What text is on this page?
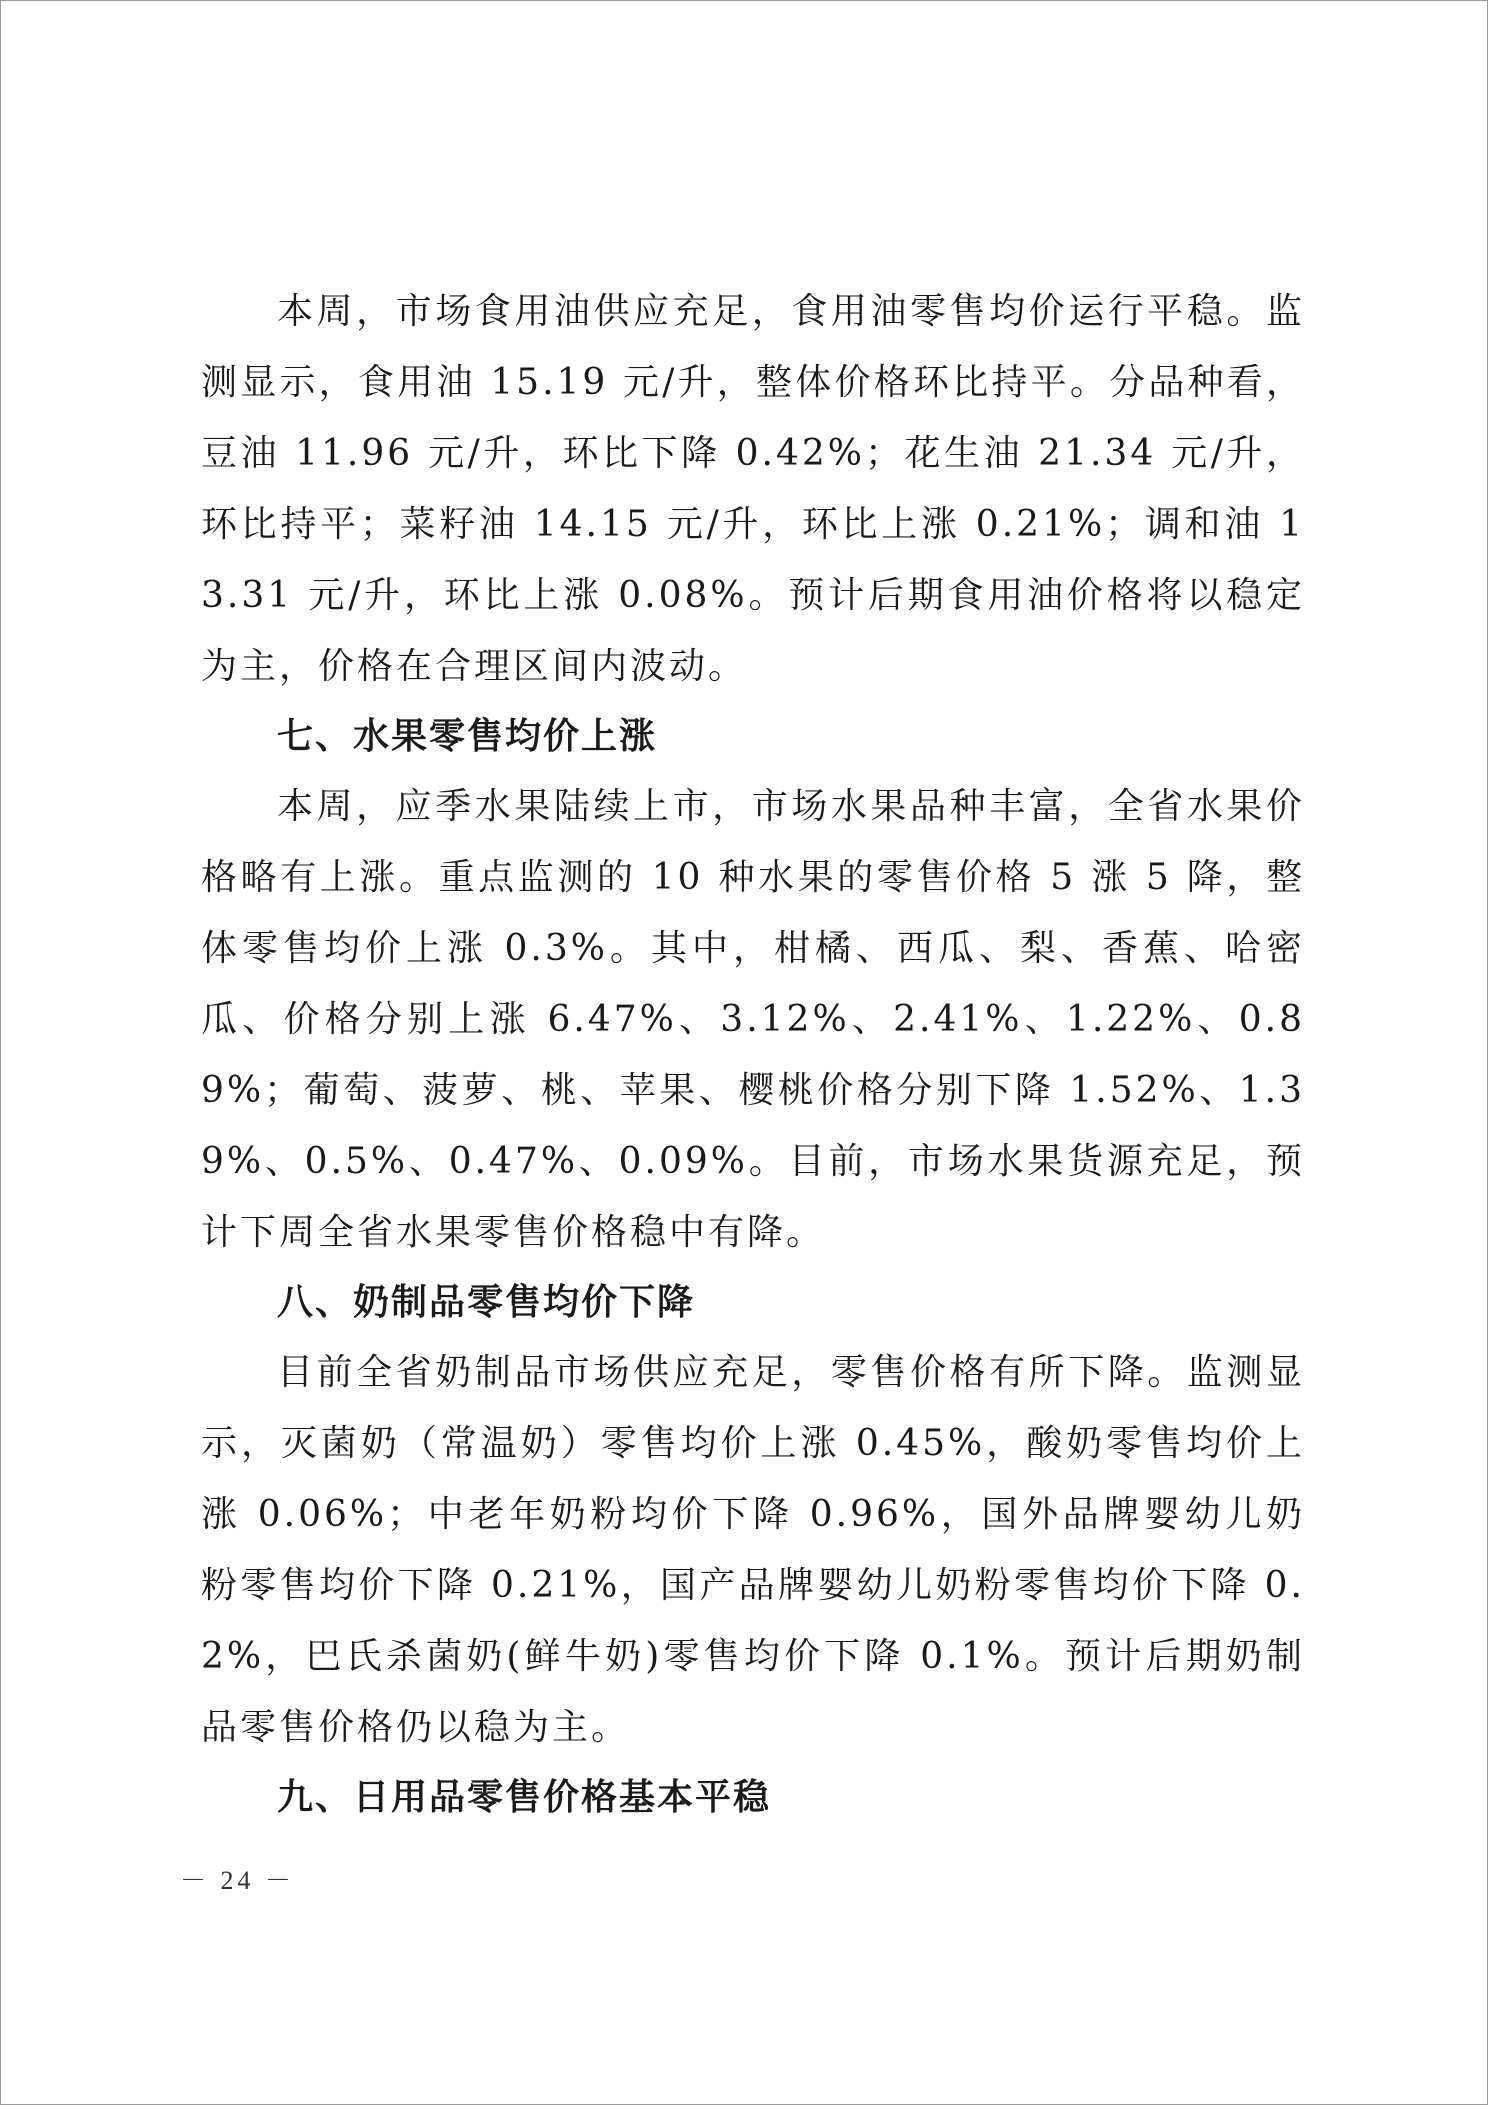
本周，市场食用油供应充足，食用油零售均价运行平稳。监测显示，食用油 15.19 元/升，整体价格环比持平。分品种看，豆油 11.96 元/升，环比下降 0.42%；花生油 21.34 元/升，环比持平；菜籽油 14.15 元/升，环比上涨 0.21%；调和油 13.31 元/升，环比上涨 0.08%。预计后期食用油价格将以稳定为主，价格在合理区间内波动。

七、水果零售均价上涨

本周，应季水果陆续上市，市场水果品种丰富，全省水果价格略有上涨。重点监测的 10 种水果的零售价格 5 涨 5 降，整体零售均价上涨 0.3%。其中，柑橘、西瓜、梨、香蕉、哈密瓜、价格分别上涨 6.47%、3.12%、2.41%、1.22%、0.89%；葡萄、菠萝、桃、苹果、樱桃价格分别下降 1.52%、1.39%、0.5%、0.47%、0.09%。目前，市场水果货源充足，预计下周全省水果零售价格稳中有降。

八、奶制品零售均价下降

目前全省奶制品市场供应充足，零售价格有所下降。监测显示，灭菌奶（常温奶）零售均价上涨 0.45%，酸奶零售均价上涨 0.06%；中老年奶粉均价下降 0.96%，国外品牌婴幼儿奶粉零售均价下降 0.21%，国产品牌婴幼儿奶粉零售均价下降 0.2%，巴氏杀菌奶(鲜牛奶)零售均价下降 0.1%。预计后期奶制品零售价格仍以稳为主。

九、日用品零售价格基本平稳

－ 24 －
